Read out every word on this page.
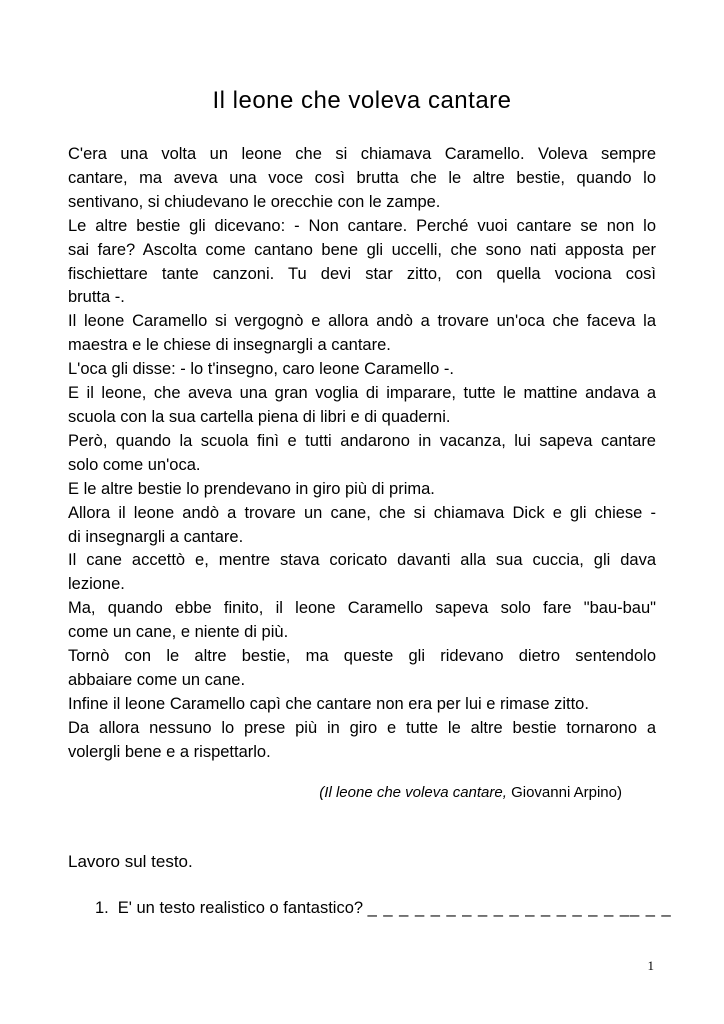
Il leone che voleva cantare
C'era una volta un leone che si chiamava Caramello. Voleva sempre
cantare, ma aveva una voce così brutta che le altre bestie, quando lo
sentivano, si chiudevano le orecchie con le zampe.
Le altre bestie gli dicevano: - Non cantare. Perché vuoi cantare se non lo
sai fare? Ascolta come cantano bene gli uccelli, che sono nati apposta per
fischiettare tante canzoni. Tu devi star zitto, con quella vociona così
brutta -.
Il leone Caramello si vergognò e allora andò a trovare un'oca che faceva la
maestra e le chiese di insegnargli a cantare.
L'oca gli disse: - lo t'insegno, caro leone Caramello -.
E il leone, che aveva una gran voglia di imparare, tutte le mattine andava a
scuola con la sua cartella piena di libri e di quaderni.
Però, quando la scuola finì e tutti andarono in vacanza, lui sapeva cantare
solo come un'oca.
E le altre bestie lo prendevano in giro più di prima.
Allora il leone andò a trovare un cane, che si chiamava Dick e gli chiese -
di insegnargli a cantare.
Il cane accettò e, mentre stava coricato davanti alla sua cuccia, gli dava
lezione.
Ma, quando ebbe finito, il leone Caramello sapeva solo fare "bau-bau"
come un cane, e niente di più.
Tornò con le altre bestie, ma queste gli ridevano dietro sentendolo
abbaiare come un cane.
Infine il leone Caramello capì che cantare non era per lui e rimase zitto.
Da allora nessuno lo prese più in giro e tutte le altre bestie tornarono a
volergli bene e a rispettarlo.
(Il leone che voleva cantare, Giovanni Arpino)
Lavoro sul testo.
1. E' un testo realistico o fantastico? _ _ _ _ _ _ _ _ _ _ _ _ _ _ _ _ __ _ _
1
